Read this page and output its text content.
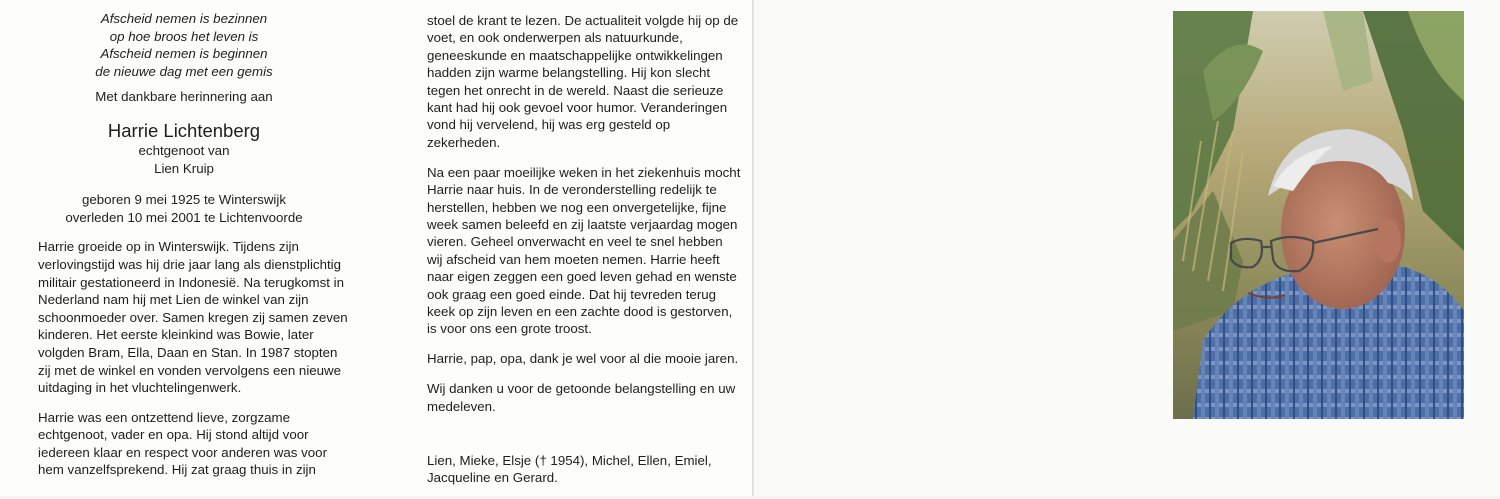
Afscheid nemen is bezinnen
op hoe broos het leven is
Afscheid nemen is beginnen
de nieuwe dag met een gemis
Met dankbare herinnering aan
Harrie Lichtenberg
echtgenoot van
Lien Kruip
geboren 9 mei 1925 te Winterswijk
overleden 10 mei 2001 te Lichtenvoorde
Harrie groeide op in Winterswijk. Tijdens zijn
verlovingstijd was hij drie jaar lang als dienstplichtig
militair gestationeerd in Indonesië. Na terugkomst in
Nederland nam hij met Lien de winkel van zijn
schoonmoeder over. Samen kregen zij samen zeven
kinderen. Het eerste kleinkind was Bowie, later
volgden Bram, Ella, Daan en Stan. In 1987 stopten
zij met de winkel en vonden vervolgens een nieuwe
uitdaging in het vluchtelingenwerk.
Harrie was een ontzettend lieve, zorgzame
echtgenoot, vader en opa. Hij stond altijd voor
iedereen klaar en respect voor anderen was voor
hem vanzelfsprekend. Hij zat graag thuis in zijn
stoel de krant te lezen. De actualiteit volgde hij op de
voet, en ook onderwerpen als natuurkunde,
geneeskunde en maatschappelijke ontwikkelingen
hadden zijn warme belangstelling. Hij kon slecht
tegen het onrecht in de wereld. Naast die serieuze
kant had hij ook gevoel voor humor. Veranderingen
vond hij vervelend, hij was erg gesteld op
zekerheden.
Na een paar moeilijke weken in het ziekenhuis mocht
Harrie naar huis. In de veronderstelling redelijk te
herstellen, hebben we nog een onvergetelijke, fijne
week samen beleefd en zij laatste verjaardag mogen
vieren. Geheel onverwacht en veel te snel hebben
wij afscheid van hem moeten nemen. Harrie heeft
naar eigen zeggen een goed leven gehad en wenste
ook graag een goed einde. Dat hij tevreden terug
keek op zijn leven en een zachte dood is gestorven,
is voor ons een grote troost.
Harrie, pap, opa, dank je wel voor al die mooie jaren.
Wij danken u voor de getoonde belangstelling en uw
medeleven.
Lien, Mieke, Elsje († 1954), Michel, Ellen, Emiel,
Jacqueline en Gerard.
